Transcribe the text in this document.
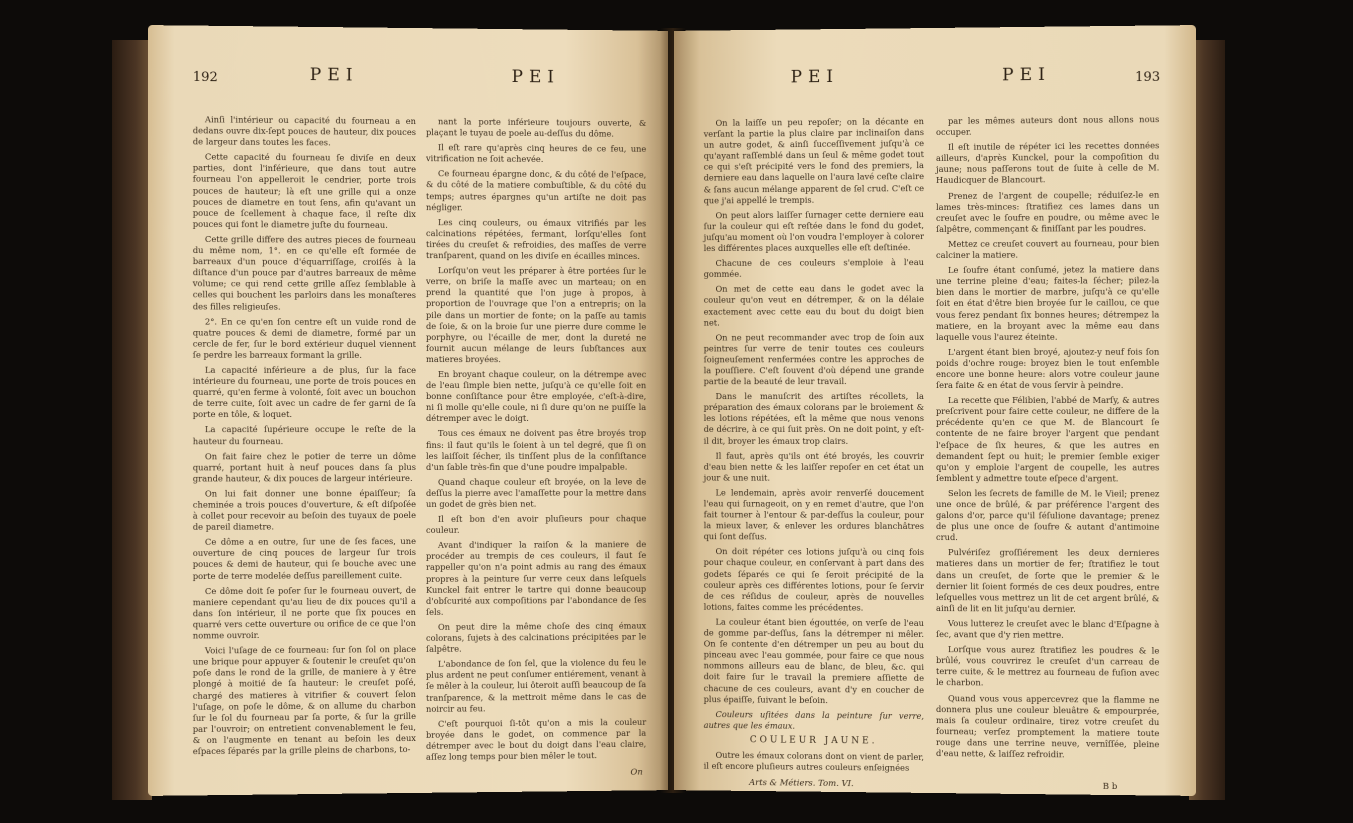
192	PEI	PEI

Ainſi l'intérieur ou capacité du fourneau a en dedans ouvre dix-ſept pouces de hauteur, dix pouces de largeur dans toutes les faces.

Cette capacité du fourneau ſe diviſe en deux parties, dont l'inférieure, que dans tout autre fourneau l'on appelleroit le cendrier, porte trois pouces de hauteur; là eſt une grille qui a onze pouces de diametre en tout ſens, afin qu'avant un pouce de ſcellement à chaque face, il reſte dix pouces qui font le diametre juſte du fourneau.

Cette grille differe des autres pieces de fourneau du même nom, 1°. en ce qu'elle eſt formée de barreaux d'un pouce d'équarriſſage, croiſés à la diſtance d'un pouce par d'autres barreaux de même volume; ce qui rend cette grille aſſez ſemblable à celles qui bouchent les parloirs dans les monaſteres des filles religieuſes.

2°. En ce qu'en ſon centre eſt un vuide rond de quatre pouces & demi de diametre, formé par un cercle de fer, ſur le bord extérieur duquel viennent ſe perdre les barreaux formant la grille.

La capacité inférieure a de plus, ſur la face intérieure du fourneau, une porte de trois pouces en quarré, qu'en ferme à volonté, ſoit avec un bouchon de terre cuite, ſoit avec un cadre de fer garni de ſa porte en tôle, & loquet.

La capacité ſupérieure occupe le reſte de la hauteur du fourneau.

On fait faire chez le potier de terre un dôme quarré, portant huit à neuf pouces dans ſa plus grande hauteur, & dix pouces de largeur intérieure.

On lui fait donner une bonne épaiſſeur; ſa cheminée a trois pouces d'ouverture, & eſt diſpoſée à collet pour recevoir au beſoin des tuyaux de poele de pareil diametre.

Ce dôme a en outre, ſur une de ſes faces, une ouverture de cinq pouces de largeur ſur trois pouces & demi de hauteur, qui ſe bouche avec une porte de terre modelée deſſus pareillement cuite.

Ce dôme doit ſe poſer ſur le fourneau ouvert, de maniere cependant qu'au lieu de dix pouces qu'il a dans ſon intérieur, il ne porte que ſix pouces en quarré vers cette ouverture ou orifice de ce que l'on nomme ouvroir.

Voici l'uſage de ce fourneau: ſur ſon ſol on place une brique pour appuyer & ſoutenir le creuſet qu'on poſe dans le rond de la grille, de maniere à y être plongé à moitié de ſa hauteur: le creuſet poſé, chargé des matieres à vitrifier & couvert ſelon l'uſage, on poſe le dôme, & on allume du charbon ſur le ſol du fourneau par ſa porte, & ſur la grille par l'ouvroir; on entretient convenablement le feu, & on l'augmente en tenant au beſoin les deux eſpaces ſéparés par la grille pleins de charbons, to-

nant la porte inférieure toujours ouverte, & plaçant le tuyau de poele au-deſſus du dôme.

Il eſt rare qu'après cinq heures de ce feu, une vitrification ne ſoit achevée.

Ce fourneau épargne donc, & du côté de l'eſpace, & du côté de la matiere combuſtible, & du côté du temps; autres épargnes qu'un artiſte ne doit pas négliger.

Les cinq couleurs, ou émaux vitrifiés par les calcinations répétées, fermant, lorſqu'elles ſont tirées du creuſet & refroidies, des maſſes de verre tranſparent, quand on les diviſe en écailles minces.

Lorſqu'on veut les préparer à être portées ſur le verre, on briſe la maſſe avec un marteau; on en prend la quantité que l'on juge à propos, à proportion de l'ouvrage que l'on a entrepris; on la pile dans un mortier de fonte; on la paſſe au tamis de ſoie, & on la broie ſur une pierre dure comme le porphyre, ou l'écaille de mer, dont la dureté ne fournit aucun mélange de leurs ſubſtances aux matieres broyées.

En broyant chaque couleur, on la détrempe avec de l'eau ſimple bien nette, juſqu'à ce qu'elle ſoit en bonne conſiſtance pour être employée, c'eſt-à-dire, ni ſi molle qu'elle coule, ni ſi dure qu'on ne puiſſe la détremper avec le doigt.

Tous ces émaux ne doivent pas être broyés trop fins: il faut qu'ils le ſoient à un tel degré, que ſi on les laiſſoit ſécher, ils tinſſent plus de la conſiſtance d'un ſable très-fin que d'une poudre impalpable.

Quand chaque couleur eſt broyée, on la leve de deſſus la pierre avec l'amaſſette pour la mettre dans un godet de grès bien net.

Il eſt bon d'en avoir pluſieurs pour chaque couleur.

Avant d'indiquer la raiſon & la maniere de procéder au trempis de ces couleurs, il faut ſe rappeller qu'on n'a point admis au rang des émaux propres à la peinture ſur verre ceux dans leſquels Kunckel fait entrer le tartre qui donne beaucoup d'obſcurité aux compoſitions par l'abondance de ſes ſels.

On peut dire la même choſe des cinq émaux colorans, ſujets à des calcinations précipitées par le ſalpêtre.

L'abondance de ſon ſel, que la violence du feu le plus ardent ne peut conſumer entiérement, venant à ſe mêler à la couleur, lui ôteroit auſſi beaucoup de ſa tranſparence, & la mettroit même dans le cas de noircir au feu.

C'eſt pourquoi ſi-tôt qu'on a mis la couleur broyée dans le godet, on commence par la détremper avec le bout du doigt dans l'eau claire, aſſez long temps pour bien mêler le tout.

On
PEI	PEI	193

On la laiſſe un peu repoſer; on la décante en verſant la partie la plus claire par inclinaiſon dans un autre godet, & ainſi ſucceſſivement juſqu'à ce qu'ayant raſſemblé dans un ſeul & même godet tout ce qui s'eſt précipité vers le fond des premiers, la derniere eau dans laquelle on l'aura lavé ceſte claire & ſans aucun mélange apparent de ſel crud. C'eſt ce que j'ai appellé le trempis.

On peut alors laiſſer ſurnager cette derniere eau ſur la couleur qui eſt reſtée dans le fond du godet, juſqu'au moment où l'on voudra l'employer à colorer les différentes places auxquelles elle eſt deſtinée.

Chacune de ces couleurs s'emploie à l'eau gommée.

On met de cette eau dans le godet avec la couleur qu'on veut en détremper, & on la délaie exactement avec cette eau du bout du doigt bien net.

On ne peut recommander avec trop de ſoin aux peintres ſur verre de tenir toutes ces couleurs ſoigneuſement renfermées contre les approches de la pouſſiere. C'eſt ſouvent d'où dépend une grande partie de la beauté de leur travail.

Dans le manuſcrit des artiſtes récollets, la préparation des émaux colorans par le broiement & les lotions répétées, eſt la même que nous venons de décrire, à ce qui ſuit près. On ne doit point, y eſt-il dit, broyer les émaux trop clairs.

Il faut, après qu'ils ont été broyés, les couvrir d'eau bien nette & les laiſſer repoſer en cet état un jour & une nuit.

Le lendemain, après avoir renverſé doucement l'eau qui ſurnageoit, on y en remet d'autre, que l'on fait tourner à l'entour & par-deſſus la couleur, pour la mieux laver, & enlever les ordures blanchâtres qui ſont deſſus.

On doit répéter ces lotions juſqu'à ou cinq fois pour chaque couleur, en conſervant à part dans des godets ſéparés ce qui ſe ſeroit précipité de la couleur après ces différentes lotions, pour ſe ſervir de ces réſidus de couleur, après de nouvelles lotions, faites comme les précédentes.

La couleur étant bien égouttée, on verſe de l'eau de gomme par-deſſus, ſans la détremper ni mêler. On ſe contente d'en détremper un peu au bout du pinceau avec l'eau gommée, pour faire ce que nous nommons ailleurs eau de blanc, de bleu, &c. qui doit faire ſur le travail la premiere aſſiette de chacune de ces couleurs, avant d'y en coucher de plus épaiſſe, ſuivant le beſoin.

Couleurs uſitées dans la peinture ſur verre, autres que les émaux.

COULEUR JAUNE.

Outre les émaux colorans dont on vient de parler, il eſt encore pluſieurs autres couleurs enſeignées

par les mêmes auteurs dont nous allons nous occuper.

Il eſt inutile de répéter ici les recettes données ailleurs, d'après Kunckel, pour la compoſition du jaune; nous paſſerons tout de ſuite à celle de M. Haudicquer de Blancourt.

Prenez de l'argent de coupelle; réduiſez-le en lames très-minces: ſtratifiez ces lames dans un creuſet avec le ſoufre en poudre, ou même avec le ſalpêtre, commençant & finiſſant par les poudres.

Mettez ce creuſet couvert au fourneau, pour bien calciner la matiere.

Le ſoufre étant conſumé, jetez la matiere dans une terrine pleine d'eau; faites-la ſécher; pilez-la bien dans le mortier de marbre, juſqu'à ce qu'elle ſoit en état d'être bien broyée ſur le caillou, ce que vous ferez pendant ſix bonnes heures; détrempez la matiere, en la broyant avec la même eau dans laquelle vous l'aurez éteinte.

L'argent étant bien broyé, ajoutez-y neuf fois ſon poids d'ochre rouge: broyez bien le tout enſemble encore une bonne heure: alors votre couleur jaune ſera faite & en état de vous ſervir à peindre.

La recette que Félibien, l'abbé de Marſy, & autres preſcrivent pour faire cette couleur, ne differe de la précédente qu'en ce que M. de Blancourt ſe contente de ne faire broyer l'argent que pendant l'eſpace de ſix heures, & que les autres en demandent ſept ou huit; le premier ſemble exiger qu'on y emploie l'argent de coupelle, les autres ſemblent y admettre toute eſpece d'argent.

Selon les ſecrets de famille de M. le Vieil; prenez une once de brûlé, & par préférence l'argent des galons d'or, parce qu'il ſéſulione davantage; prenez de plus une once de ſoufre & autant d'antimoine crud.

Pulvériſez groſſiérement les deux dernieres matieres dans un mortier de fer; ſtratifiez le tout dans un creuſet, de ſorte que le premier & le dernier lit ſoient formés de ces deux poudres, entre leſquelles vous mettrez un lit de cet argent brûlé, & ainſi de lit en lit juſqu'au dernier.

Vous lutterez le creuſet avec le blanc d'Eſpagne à ſec, avant que d'y rien mettre.

Lorſque vous aurez ſtratifiez les poudres & le brûlé, vous couvrirez le creuſet d'un carreau de terre cuite, & le mettrez au fourneau de fuſion avec le charbon.

Quand vous vous appercevrez que la flamme ne donnera plus une couleur bleuâtre & empourprée, mais ſa couleur ordinaire, tirez votre creuſet du fourneau; verſez promptement la matiere toute rouge dans une terrine neuve, vernîſſée, pleine d'eau nette, & laiſſez refroidir.

Arts & Métiers. Tom. VI.	B b
